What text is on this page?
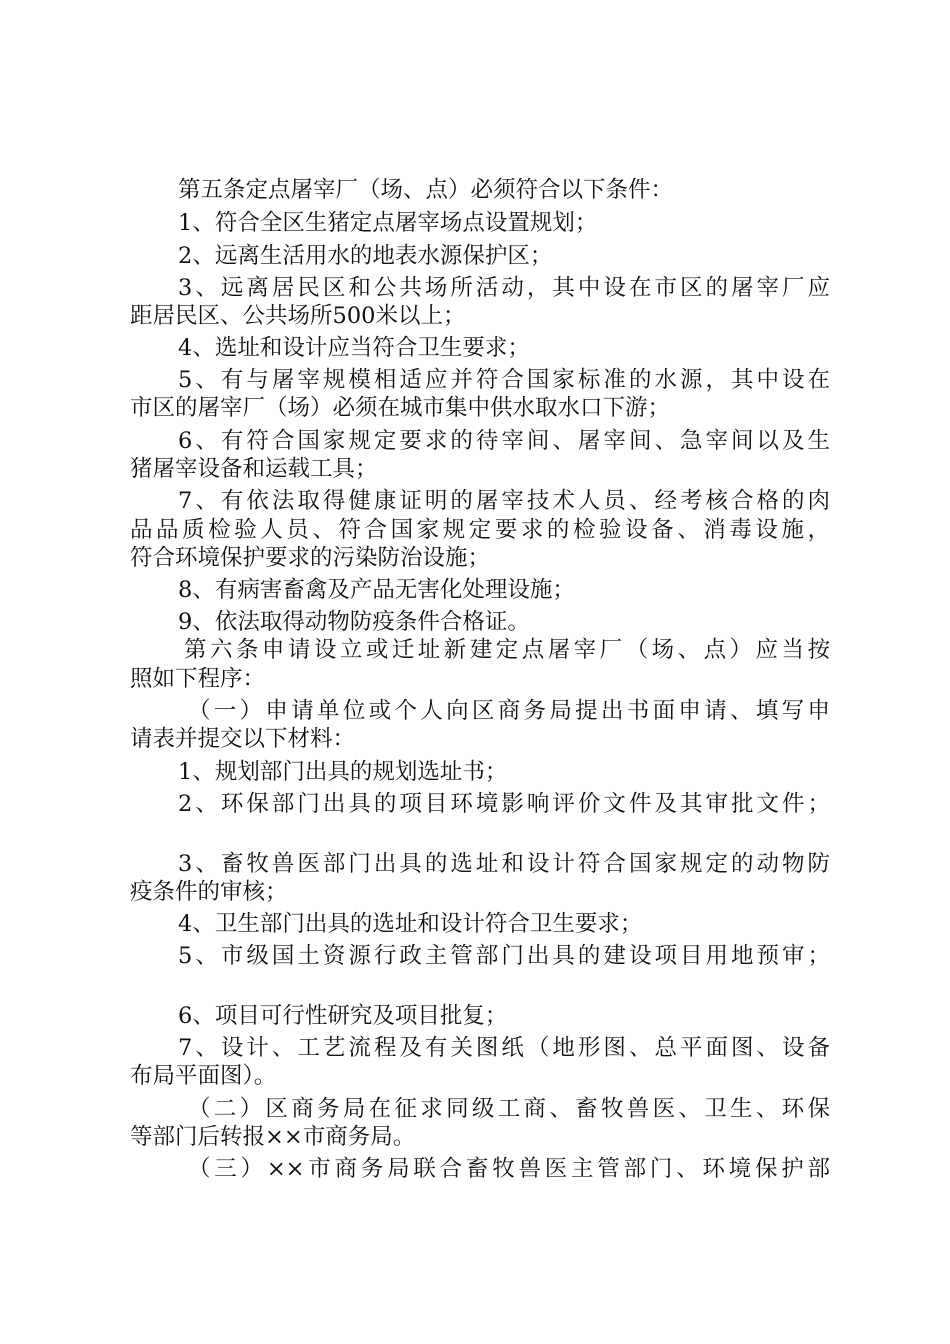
第五条定点屠宰厂（场、点）必须符合以下条件：
1、符合全区生猪定点屠宰场点设置规划；
2、远离生活用水的地表水源保护区；
3、远离居民区和公共场所活动，其中设在市区的屠宰厂应
距居民区、公共场所500米以上；
4、选址和设计应当符合卫生要求；
5、有与屠宰规模相适应并符合国家标准的水源，其中设在
市区的屠宰厂（场）必须在城市集中供水取水口下游；
6、有符合国家规定要求的待宰间、屠宰间、急宰间以及生
猪屠宰设备和运载工具；
7、有依法取得健康证明的屠宰技术人员、经考核合格的肉
品品质检验人员、符合国家规定要求的检验设备、消毒设施，
符合环境保护要求的污染防治设施；
8、有病害畜禽及产品无害化处理设施；
9、依法取得动物防疫条件合格证。
第六条申请设立或迁址新建定点屠宰厂（场、点）应当按
照如下程序：
（一）申请单位或个人向区商务局提出书面申请、填写申
请表并提交以下材料：
1、规划部门出具的规划选址书；
2、环保部门出具的项目环境影响评价文件及其审批文件；
3、畜牧兽医部门出具的选址和设计符合国家规定的动物防
疫条件的审核；
4、卫生部门出具的选址和设计符合卫生要求；
5、市级国土资源行政主管部门出具的建设项目用地预审；
6、项目可行性研究及项目批复；
7、设计、工艺流程及有关图纸（地形图、总平面图、设备
布局平面图）。
（二）区商务局在征求同级工商、畜牧兽医、卫生、环保
等部门后转报××市商务局。
（三）××市商务局联合畜牧兽医主管部门、环境保护部
